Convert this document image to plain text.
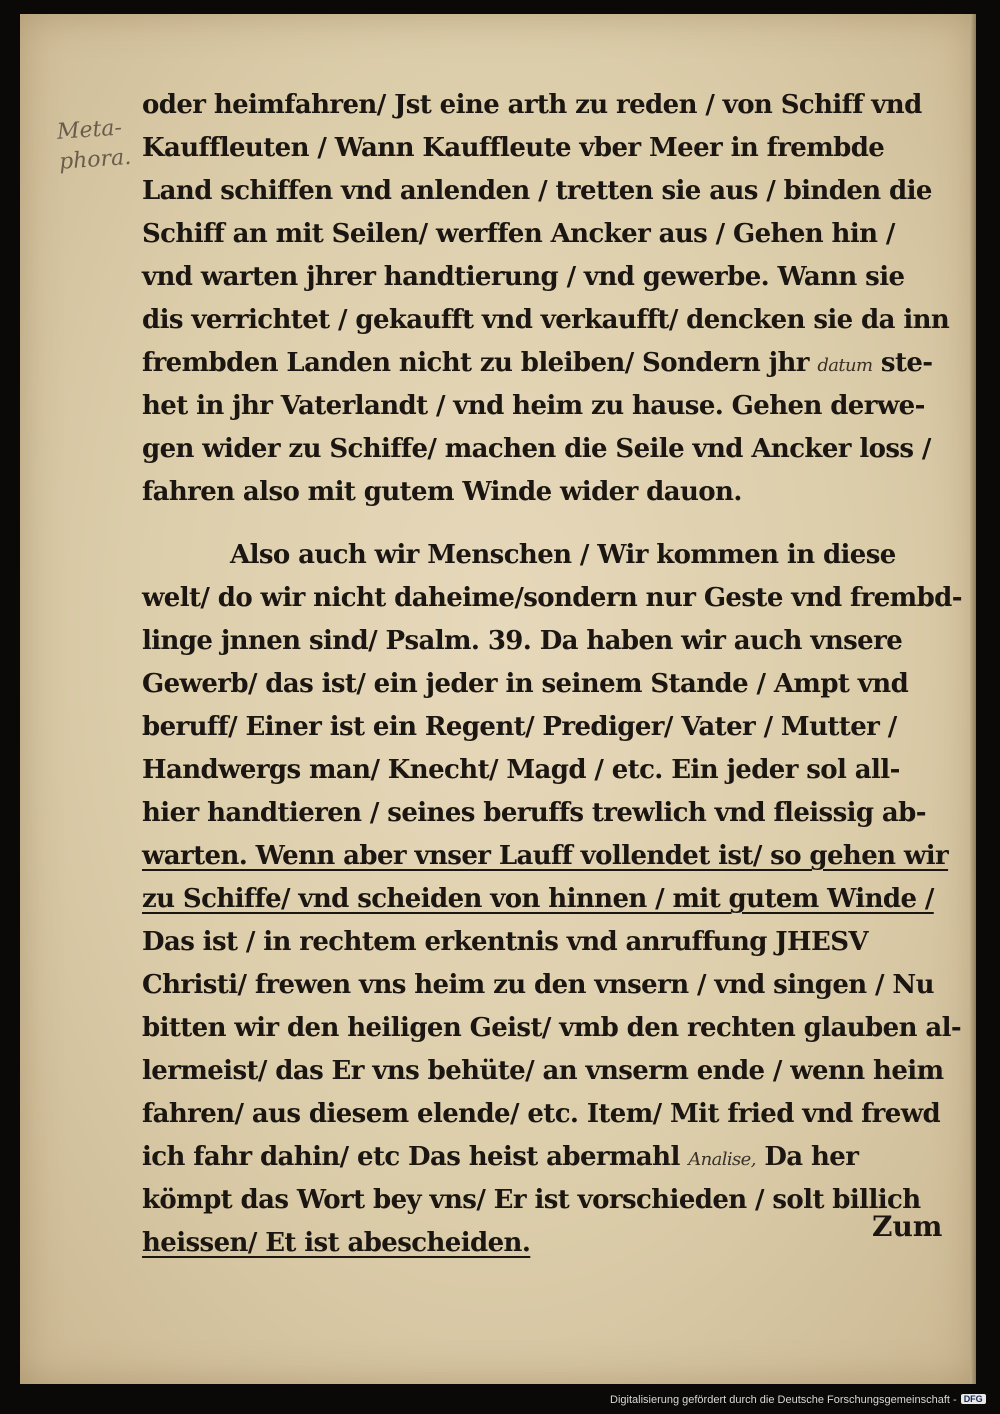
Meta-
phora.
oder heimfahren/ Jst eine arth zu reden / von Schiff vnd
Kauffleuten / Wann Kauffleute vber Meer in frembde
Land schiffen vnd anlenden / tretten sie aus / binden die
Schiff an mit Seilen/ werffen Ancker aus / Gehen hin /
vnd warten jhrer handtierung / vnd gewerbe. Wann sie
dis verrichtet / gekaufft vnd verkaufft/ dencken sie da inn
frembden Landen nicht zu bleiben/ Sondern jhr datum ste-
het in jhr Vaterlandt / vnd heim zu hause. Gehen derwe-
gen wider zu Schiffe/ machen die Seile vnd Ancker loss /
fahren also mit gutem Winde wider dauon.
Also auch wir Menschen / Wir kommen in diese
welt/ do wir nicht daheime/sondern nur Geste vnd frembd-
linge jnnen sind/ Psalm. 39. Da haben wir auch vnsere
Gewerb/ das ist/ ein jeder in seinem Stande / Ampt vnd
beruff/ Einer ist ein Regent/ Prediger/ Vater / Mutter /
Handwergs man/ Knecht/ Magd / etc. Ein jeder sol all-
hier handtieren / seines beruffs trewlich vnd fleissig ab-
warten. Wenn aber vnser Lauff vollendet ist/ so gehen wir
zu Schiffe/ vnd scheiden von hinnen / mit gutem Winde /
Das ist / in rechtem erkentnis vnd anruffung JHESV
Christi/ frewen vns heim zu den vnsern / vnd singen / Nu
bitten wir den heiligen Geist/ vmb den rechten glauben al-
lermeist/ das Er vns behüte/ an vnserm ende / wenn heim
fahren/ aus diesem elende/ etc. Item/ Mit fried vnd frewd
ich fahr dahin/ etc Das heist abermahl Analise, Da her
kömpt das Wort bey vns/ Er ist vorschieden / solt billich
heissen/ Et ist abescheiden.	Zum
Digitalisierung gefördert durch die Deutsche Forschungsgemeinschaft - DFG
